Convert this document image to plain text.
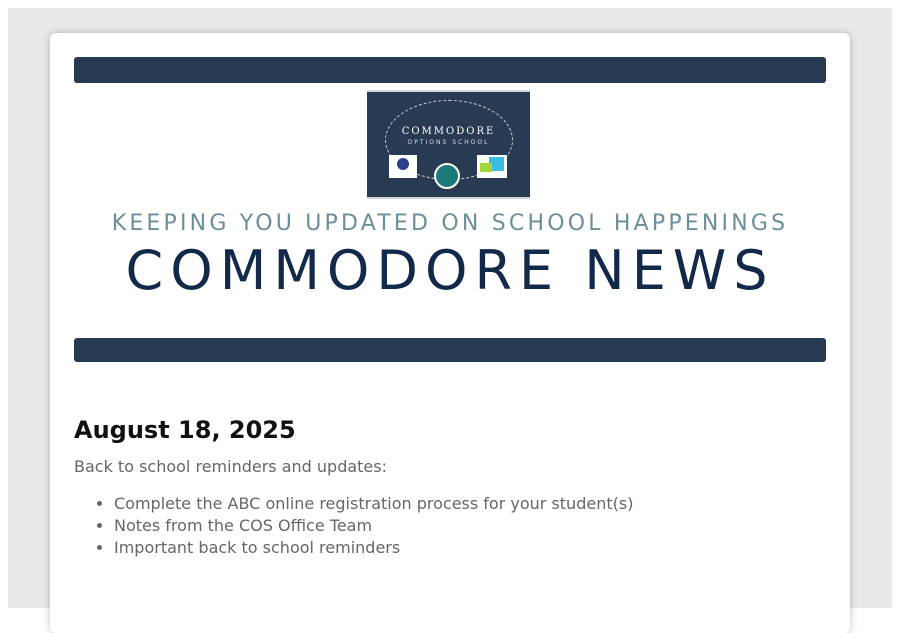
COMMODORE
OPTIONS SCHOOL
KEEPING YOU UPDATED ON SCHOOL HAPPENINGS
COMMODORE NEWS
August 18, 2025
Back to school reminders and updates:
• Complete the ABC online registration process for your student(s)
• Notes from the COS Office Team
• Important back to school reminders
